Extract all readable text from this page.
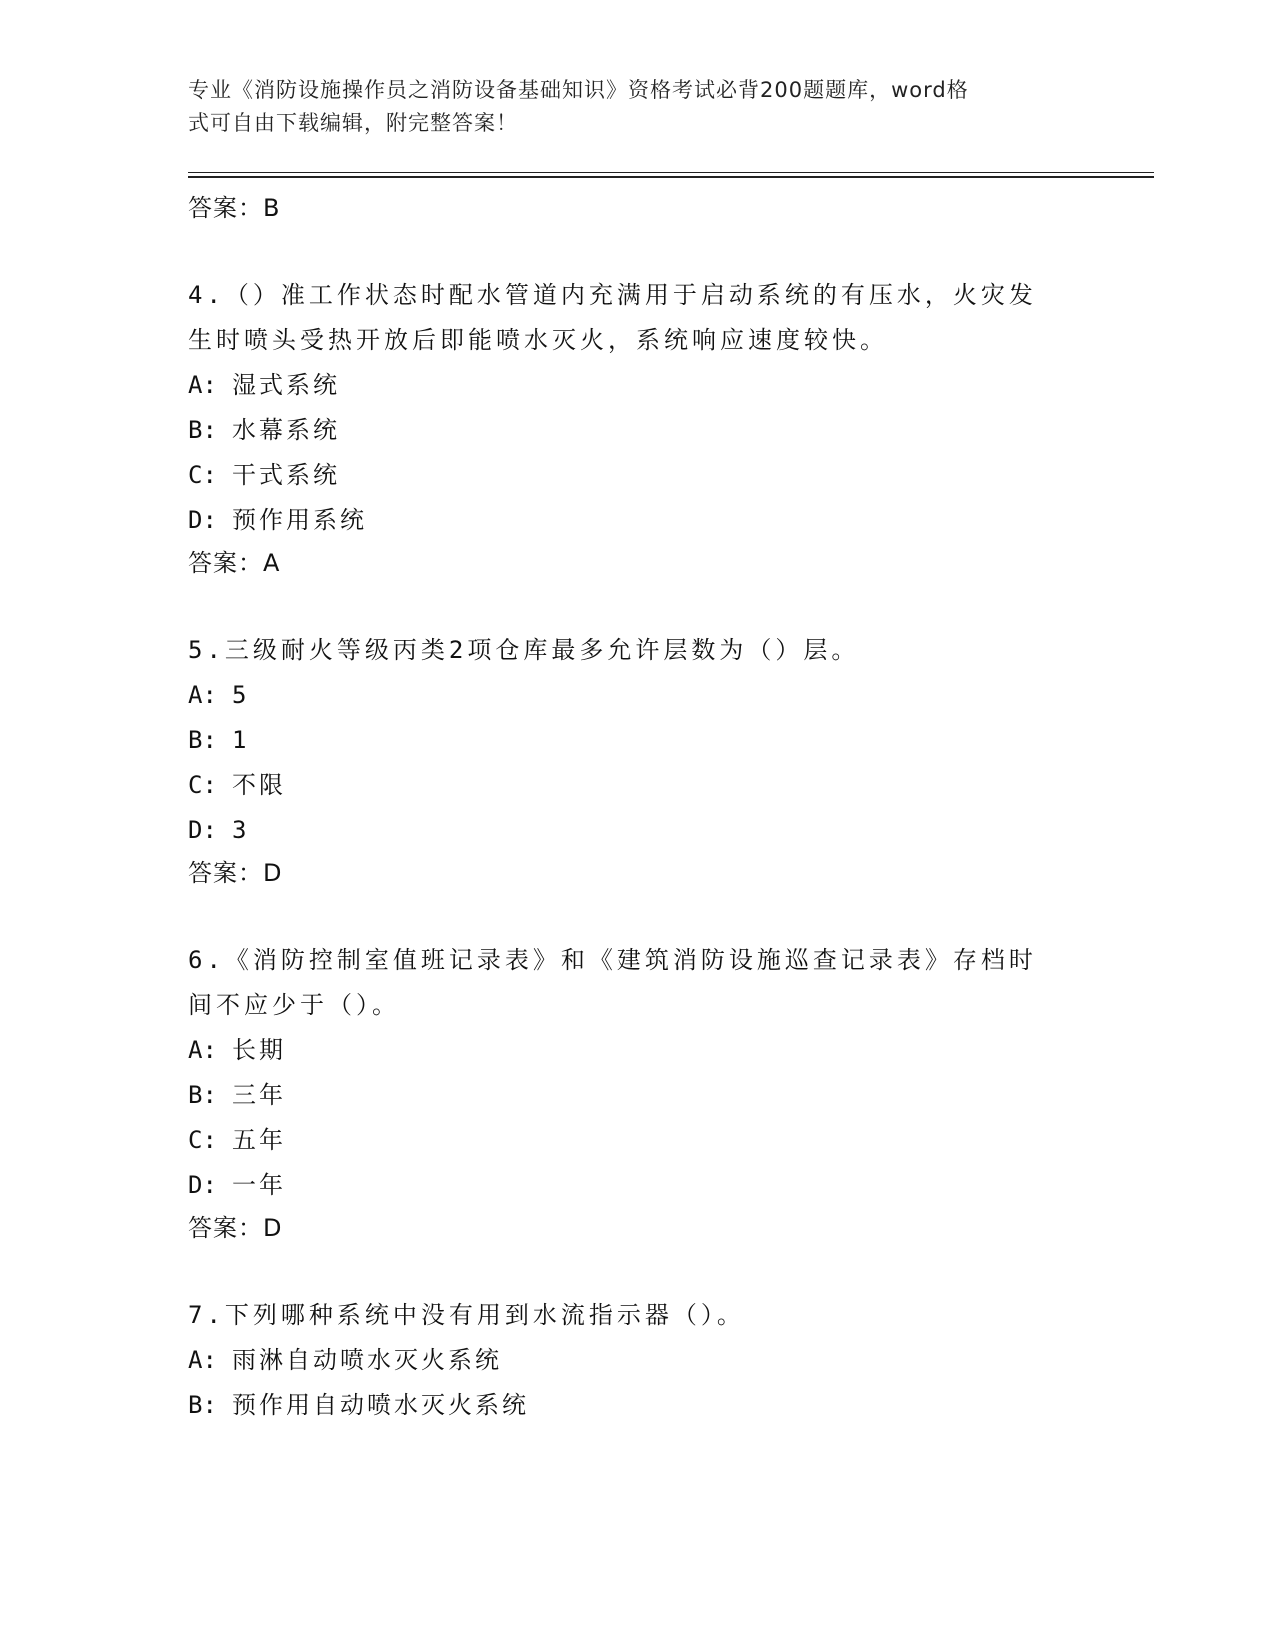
专业《消防设施操作员之消防设备基础知识》资格考试必背200题题库，word格
式可自由下载编辑，附完整答案！

答案：B

4.（）准工作状态时配水管道内充满用于启动系统的有压水，火灾发

生时喷头受热开放后即能喷水灭火，系统响应速度较快。

A: 湿式系统

B: 水幕系统

C: 干式系统

D: 预作用系统

答案：A

5.三级耐火等级丙类2项仓库最多允许层数为（）层。

A: 5

B: 1

C: 不限

D: 3

答案：D

6.《消防控制室值班记录表》和《建筑消防设施巡查记录表》存档时

间不应少于（）。

A: 长期

B: 三年

C: 五年

D: 一年

答案：D

7.下列哪种系统中没有用到水流指示器（）。

A: 雨淋自动喷水灭火系统

B: 预作用自动喷水灭火系统
